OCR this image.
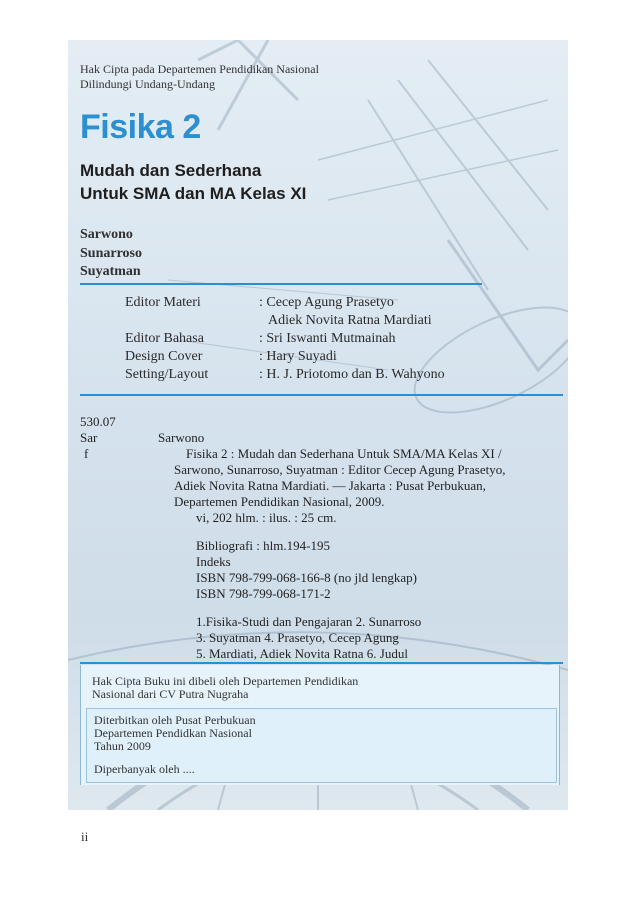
Hak Cipta pada Departemen Pendidikan Nasional
Dilindungi Undang-Undang
Fisika 2
Mudah dan Sederhana
Untuk SMA dan MA Kelas XI
Sarwono
Sunarroso
Suyatman
Editor Materi	: Cecep Agung Prasetyo
Adiek Novita Ratna Mardiati
Editor Bahasa	: Sri Iswanti Mutmainah
Design Cover	: Hary Suyadi
Setting/Layout	: H. J. Priotomo dan B. Wahyono
530.07
Sar	Sarwono
f	Fisika 2 : Mudah dan Sederhana Untuk SMA/MA Kelas XI /
Sarwono, Sunarroso, Suyatman : Editor Cecep Agung Prasetyo,
Adiek Novita Ratna Mardiati. — Jakarta : Pusat Perbukuan,
Departemen Pendidikan Nasional, 2009.
vi, 202 hlm. : ilus. : 25 cm.
Bibliografi : hlm.194-195
Indeks
ISBN 798-799-068-166-8 (no jld lengkap)
ISBN 798-799-068-171-2
1.Fisika-Studi dan Pengajaran 2. Sunarroso
3. Suyatman 4. Prasetyo, Cecep Agung
5. Mardiati, Adiek Novita Ratna 6. Judul
Hak Cipta Buku ini dibeli oleh Departemen Pendidikan
Nasional dari CV Putra Nugraha
Diterbitkan oleh Pusat Perbukuan
Departemen Pendidkan Nasional
Tahun 2009
Diperbanyak oleh ....
ii
